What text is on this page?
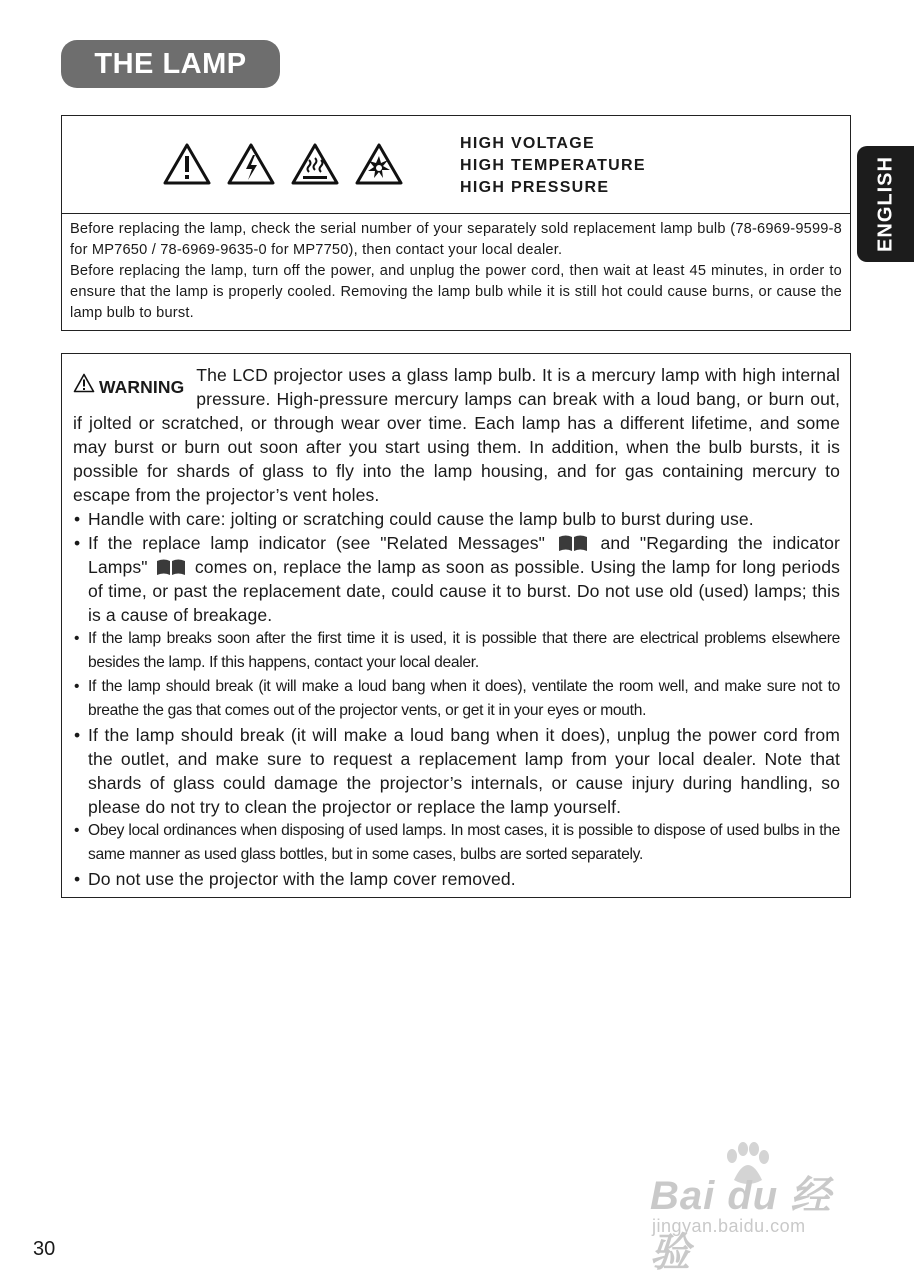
THE LAMP
ENGLISH
HIGH VOLTAGE
HIGH TEMPERATURE
HIGH PRESSURE

Before replacing the lamp, check the serial number of your separately sold replacement lamp bulb (78-6969-9599-8 for MP7650 / 78-6969-9635-0 for MP7750), then contact your local dealer.

Before replacing the lamp, turn off the power, and unplug the power cord, then wait at least 45 minutes, in order to ensure that the lamp is properly cooled. Removing the lamp bulb while it is still hot could cause burns, or cause the lamp bulb to burst.

WARNING
The LCD projector uses a glass lamp bulb. It is a mercury lamp with high internal pressure. High-pressure mercury lamps can break with a loud bang, or burn out, if jolted or scratched, or through wear over time. Each lamp has a different lifetime, and some may burst or burn out soon after you start using them. In addition, when the bulb bursts, it is possible for shards of glass to fly into the lamp housing, and for gas containing mercury to escape from the projector’s vent holes.
• Handle with care: jolting or scratching could cause the lamp bulb to burst during use.
• If the replace lamp indicator (see "Related Messages"	and "Regarding the indicator Lamps"	comes on, replace the lamp as soon as possible. Using the lamp for long periods of time, or past the replacement date, could cause it to burst. Do not use old (used) lamps; this is a cause of breakage.
• If the lamp breaks soon after the first time it is used, it is possible that there are electrical problems elsewhere besides the lamp. If this happens, contact your local dealer.
• If the lamp should break (it will make a loud bang when it does), ventilate the room well, and make sure not to breathe the gas that comes out of the projector vents, or get it in your eyes or mouth.
• If the lamp should break (it will make a loud bang when it does), unplug the power cord from the outlet, and make sure to request a replacement lamp from your local dealer. Note that shards of glass could damage the projector’s internals, or cause injury during handling, so please do not try to clean the projector or replace the lamp yourself.
• Obey local ordinances when disposing of used lamps. In most cases, it is possible to dispose of used bulbs in the same manner as used glass bottles, but in some cases, bulbs are sorted separately.
• Do not use the projector with the lamp cover removed.
Bai du 经验
jingyan.baidu.com
30
